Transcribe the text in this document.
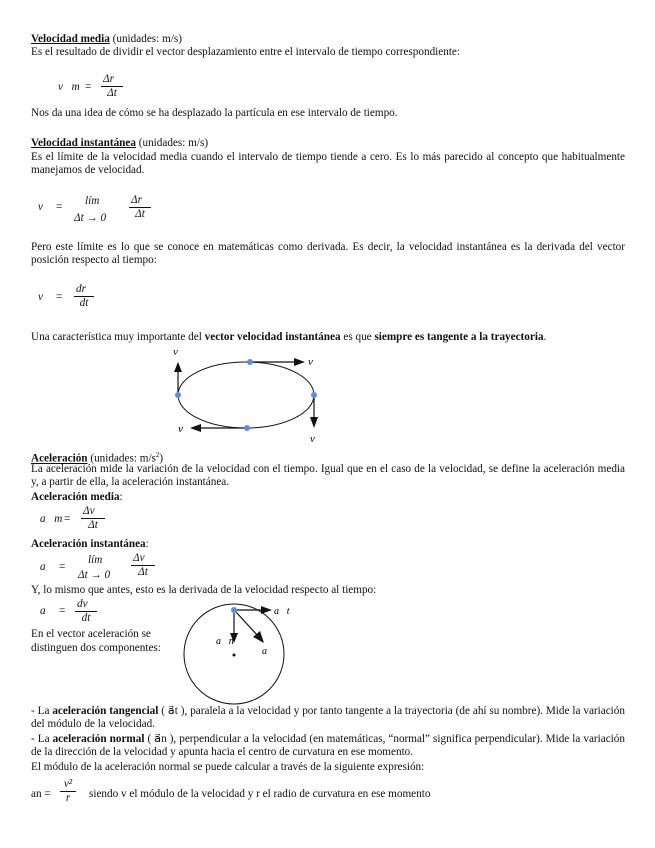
Velocidad media (unidades: m/s)
Es el resultado de dividir el vector desplazamiento entre el intervalo de tiempo correspondiente:
v⃗m = $\frac{\Delta r⃗}{\Delta t}$
Nos da una idea de cómo se ha desplazado la partícula en ese intervalo de tiempo.
Velocidad instantánea (unidades: m/s)
Es el límite de la velocidad media cuando el intervalo de tiempo tiende a cero. Es lo más parecido al concepto que habitualmente manejamos de velocidad.
v⃗ = lím
$\Delta t \to 0 \frac{\Delta r⃗}{\Delta t}$
Pero este límite es lo que se conoce en matemáticas como derivada. Es decir, la velocidad instantánea es la derivada del vector posición respecto al tiempo:
v⃗ = $\frac{dr⃗}{dt}$
Una característica muy importante del vector velocidad instantánea es que siempre es tangente a la trayectoria.
v⃗
v⃗
v⃗
v⃗
Aceleración (unidades: $m/s^2$)
La aceleración mide la variación de la velocidad con el tiempo. Igual que en el caso de la velocidad, se define la aceleración media y, a partir de ella, la aceleración instantánea.
Aceleración media:
a⃗m = $\frac{\Delta v⃗}{\Delta t}$
Aceleración instantánea:
a⃗ =
lím
$\Delta t \to 0 \frac{\Delta v⃗}{\Delta t}$
Y, lo mismo que antes, esto es la derivada de la velocidad respecto al tiempo:
a⃗ = $\frac{dv⃗}{dt}$
En el vector aceleración se
distinguen dos componentes:
a⃗t
a⃗n
a⃗
- La aceleración tangencial ( a⃗t ), paralela a la velocidad y por tanto tangente a la trayectoria (de ahí su nombre). Mide la variación del módulo de la velocidad.
- La aceleración normal ( a⃗n ), perpendicular a la velocidad (en matemáticas, “normal” significa perpendicular). Mide la variación de la dirección de la velocidad y apunta hacia el centro de curvatura en ese momento.
El módulo de la aceleración normal se puede calcular a través de la siguiente expresión:
an = $\frac{\text{v²}}{r}$ siendo v el módulo de la velocidad y r el radio de curvatura en ese momento
